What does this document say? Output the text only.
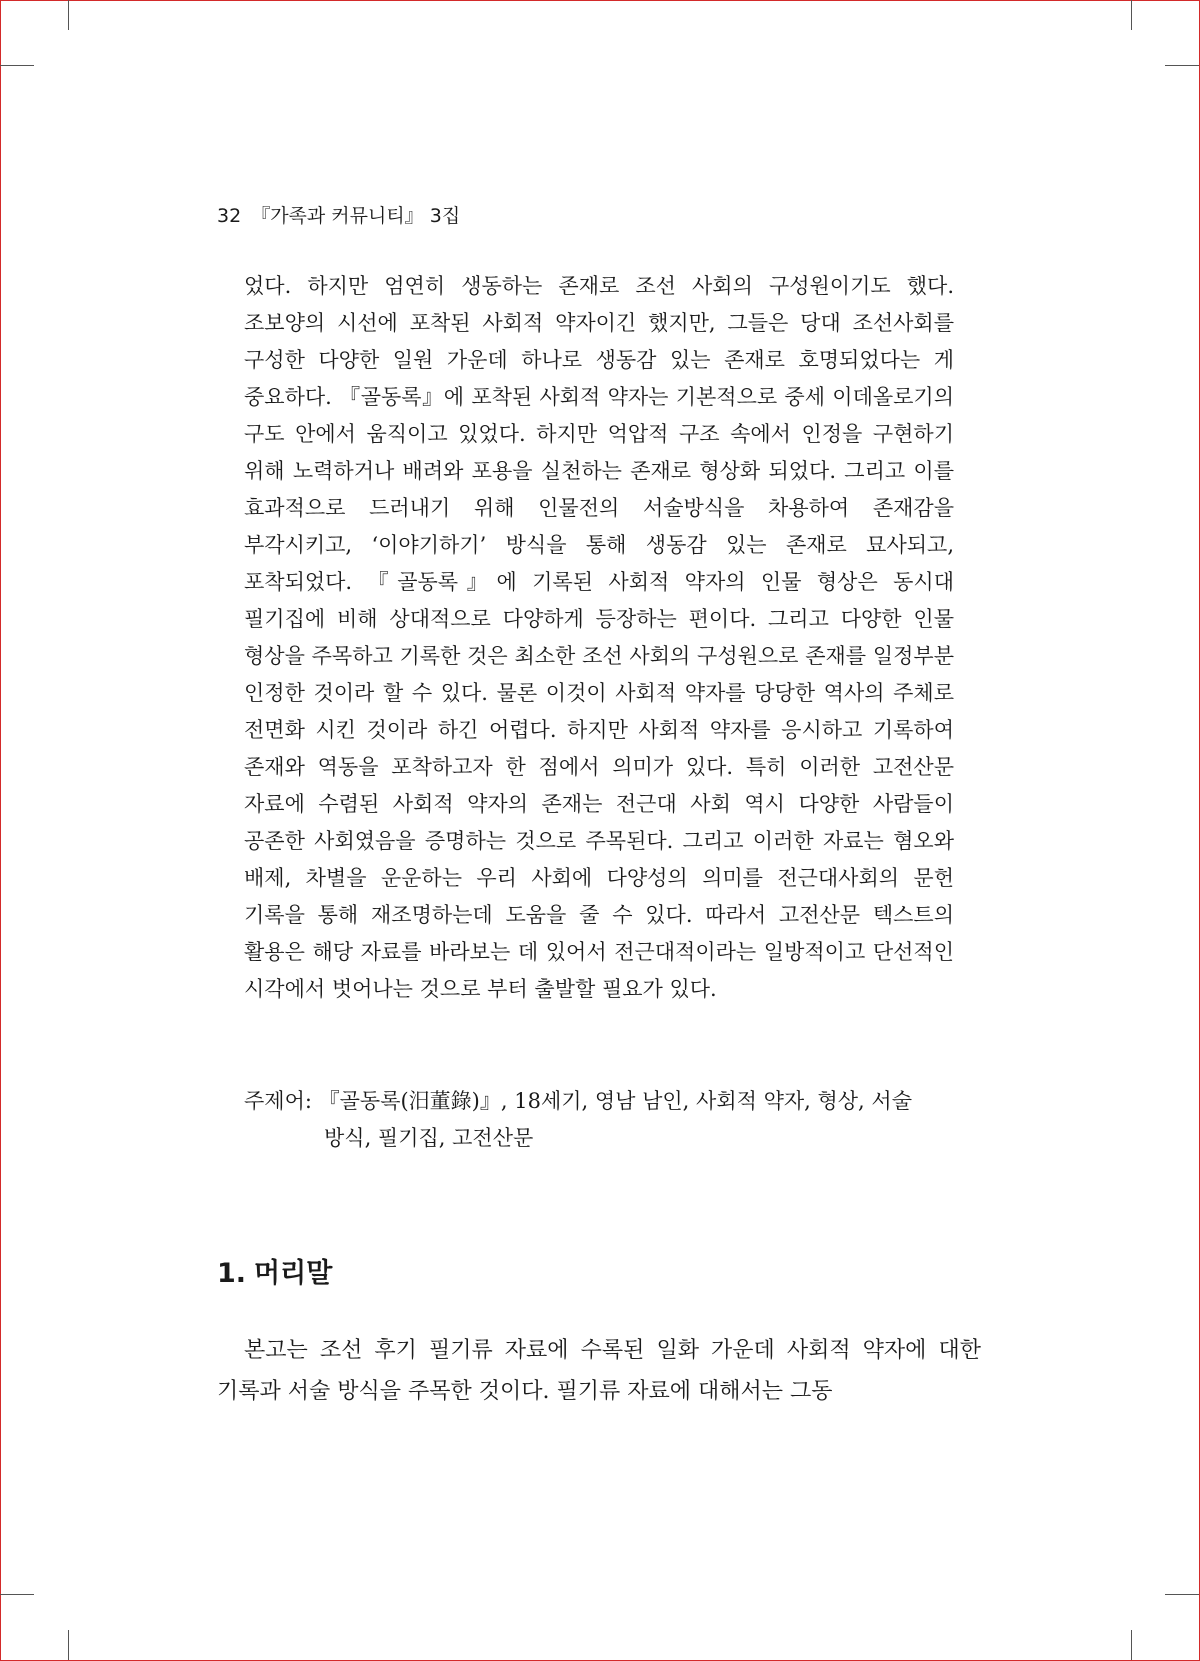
32 『가족과 커뮤니티』 3집

었다. 하지만 엄연히 생동하는 존재로 조선 사회의 구성원이기도 했다. 조보양의 시선에 포착된 사회적 약자이긴 했지만, 그들은 당대 조선사회를 구성한 다양한 일원 가운데 하나로 생동감 있는 존재로 호명되었다는 게 중요하다. 『골동록』에 포착된 사회적 약자는 기본적으로 중세 이데올로기의 구도 안에서 움직이고 있었다. 하지만 억압적 구조 속에서 인정을 구현하기 위해 노력하거나 배려와 포용을 실천하는 존재로 형상화 되었다. 그리고 이를 효과적으로 드러내기 위해 인물전의 서술방식을 차용하여 존재감을 부각시키고, ‘이야기하기’ 방식을 통해 생동감 있는 존재로 묘사되고, 포착되었다. 『골동록』에 기록된 사회적 약자의 인물 형상은 동시대 필기집에 비해 상대적으로 다양하게 등장하는 편이다. 그리고 다양한 인물 형상을 주목하고 기록한 것은 최소한 조선 사회의 구성원으로 존재를 일정부분 인정한 것이라 할 수 있다. 물론 이것이 사회적 약자를 당당한 역사의 주체로 전면화 시킨 것이라 하긴 어렵다. 하지만 사회적 약자를 응시하고 기록하여 존재와 역동을 포착하고자 한 점에서 의미가 있다. 특히 이러한 고전산문 자료에 수렴된 사회적 약자의 존재는 전근대 사회 역시 다양한 사람들이 공존한 사회였음을 증명하는 것으로 주목된다. 그리고 이러한 자료는 혐오와 배제, 차별을 운운하는 우리 사회에 다양성의 의미를 전근대사회의 문헌 기록을 통해 재조명하는데 도움을 줄 수 있다. 따라서 고전산문 텍스트의 활용은 해당 자료를 바라보는 데 있어서 전근대적이라는 일방적이고 단선적인 시각에서 벗어나는 것으로 부터 출발할 필요가 있다.

주제어: 『골동록(汨董錄)』, 18세기, 영남 남인, 사회적 약자, 형상, 서술 방식, 필기집, 고전산문
1. 머리말

본고는 조선 후기 필기류 자료에 수록된 일화 가운데 사회적 약자에 대한 기록과 서술 방식을 주목한 것이다. 필기류 자료에 대해서는 그동
